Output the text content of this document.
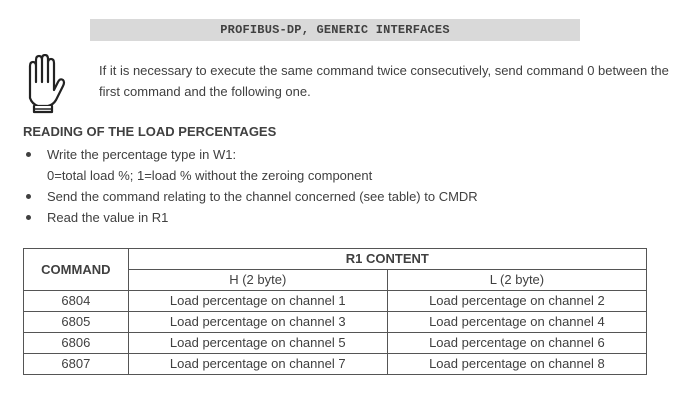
PROFIBUS-DP, GENERIC INTERFACES
If it is necessary to execute the same command twice consecutively, send command 0 between the first command and the following one.
READING OF THE LOAD PERCENTAGES
Write the percentage type in W1:
0=total load %; 1=load % without the zeroing component
Send the command relating to the channel concerned (see table) to CMDR
Read the value in R1
COMMAND	R1 CONTENT	
	H (2 byte)	L (2 byte)
6804	Load percentage on channel 1	Load percentage on channel 2
6805	Load percentage on channel 3	Load percentage on channel 4
6806	Load percentage on channel 5	Load percentage on channel 6
6807	Load percentage on channel 7	Load percentage on channel 8
